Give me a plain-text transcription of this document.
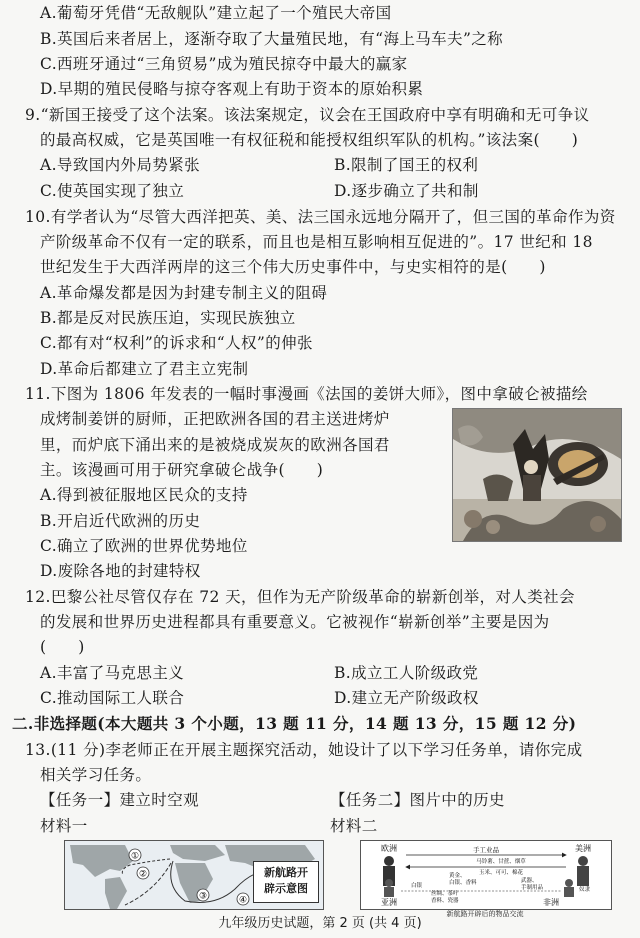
A.葡萄牙凭借“无敌舰队”建立起了一个殖民大帝国
B.英国后来者居上，逐渐夺取了大量殖民地，有“海上马车夫”之称
C.西班牙通过“三角贸易”成为殖民掠夺中最大的赢家
D.早期的殖民侵略与掠夺客观上有助于资本的原始积累
9.“新国王接受了这个法案。该法案规定，议会在王国政府中享有明确和无可争议
的最高权威，它是英国唯一有权征税和能授权组织军队的机构。”该法案(　　)
A.导致国内外局势紧张	B.限制了国王的权利
C.使英国实现了独立	D.逐步确立了共和制
10.有学者认为“尽管大西洋把英、美、法三国永远地分隔开了，但三国的革命作为资
产阶级革命不仅有一定的联系，而且也是相互影响相互促进的”。17 世纪和 18
世纪发生于大西洋两岸的这三个伟大历史事件中，与史实相符的是(　　)
A.革命爆发都是因为封建专制主义的阻碍
B.都是反对民族压迫，实现民族独立
C.都有对“权利”的诉求和“人权”的伸张
D.革命后都建立了君主立宪制
11.下图为 1806 年发表的一幅时事漫画《法国的姜饼大师》，图中拿破仑被描绘
成烤制姜饼的厨师，正把欧洲各国的君主送进烤炉
里，而炉底下涌出来的是被烧成炭灰的欧洲各国君
主。该漫画可用于研究拿破仑战争(　　)
A.得到被征服地区民众的支持
B.开启近代欧洲的历史
C.确立了欧洲的世界优势地位
D.废除各地的封建特权
12.巴黎公社尽管仅存在 72 天，但作为无产阶级革命的崭新创举，对人类社会
的发展和世界历史进程都具有重要意义。它被视作“崭新创举”主要是因为
(　　)
A.丰富了马克思主义	B.成立工人阶级政党
C.推动国际工人联合	D.建立无产阶级政权
二.非选择题(本大题共 3 个小题，13 题 11 分，14 题 13 分，15 题 12 分)
13.(11 分)李老师正在开展主题探究活动，她设计了以下学习任务单，请你完成
相关学习任务。
【任务一】建立时空观	【任务二】图片中的历史
材料一	材料二
①
②
③	④
新航路开
辟示意图
欧洲	美洲
亚洲	非洲
手工业品
马铃薯、甘蔗、烟草
玉米、可可、棉花
黄金、
白银、香料	武器、
手制用品
白银
奴隶
丝绸、茶叶
香料、瓷器
新航路开辟后的物品交流
九年级历史试题，第 2 页 (共 4 页)
